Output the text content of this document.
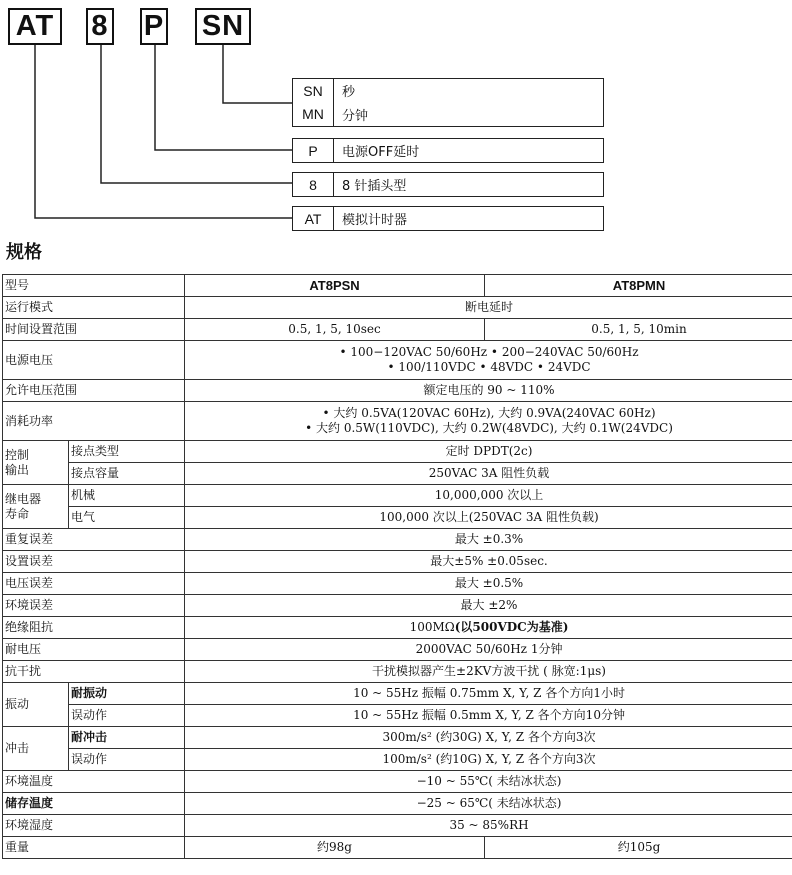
AT 8 P SN
SN	秒
MN	分钟
P	电源OFF延时
8	8 针插头型
AT	模拟计时器
规格
型号		AT8PSN	AT8PMN
运行模式		断电延时	
时间设置范围		0.5, 1, 5, 10sec	0.5, 1, 5, 10min
电源电压		• 100−120VAC 50/60Hz • 200−240VAC 50/60Hz
• 100/110VDC • 48VDC • 24VDC	

允许电压范围		额定电压的 90 ~ 110%	
消耗功率		• 大约 0.5VA(120VAC 60Hz), 大约 0.9VA(240VAC 60Hz)
• 大约 0.5W(110VDC), 大约 0.2W(48VDC), 大约 0.1W(24VDC)	

控制
输出	接点类型	定时 DPDT(2c)	
	接点容量	250VAC 3A 阻性负载	
继电器
寿命	机械	10,000,000 次以上	
	电气	100,000 次以上(250VAC 3A 阻性负载)	
重复误差		最大 ±0.3%	
设置误差		最大±5% ±0.05sec.	
电压误差		最大 ±0.5%	
环境误差		最大 ±2%	
绝缘阻抗		100MΩ(以500VDC为基准)	
耐电压		2000VAC 50/60Hz 1分钟	
抗干扰		干扰模拟器产生±2KV方波干扰 ( 脉宽:1μs)	
振动	耐振动	10 ~ 55Hz 振幅 0.75mm X, Y, Z 各个方向1小时	
	误动作	10 ~ 55Hz 振幅 0.5mm X, Y, Z 各个方向10分钟	
冲击	耐冲击	300m/s² (约30G) X, Y, Z 各个方向3次	
	误动作	100m/s² (约10G) X, Y, Z 各个方向3次	
环境温度		−10 ~ 55℃( 未结冰状态)	
储存温度		−25 ~ 65℃( 未结冰状态)	
环境湿度		35 ~ 85%RH	
重量		约98g	约105g
